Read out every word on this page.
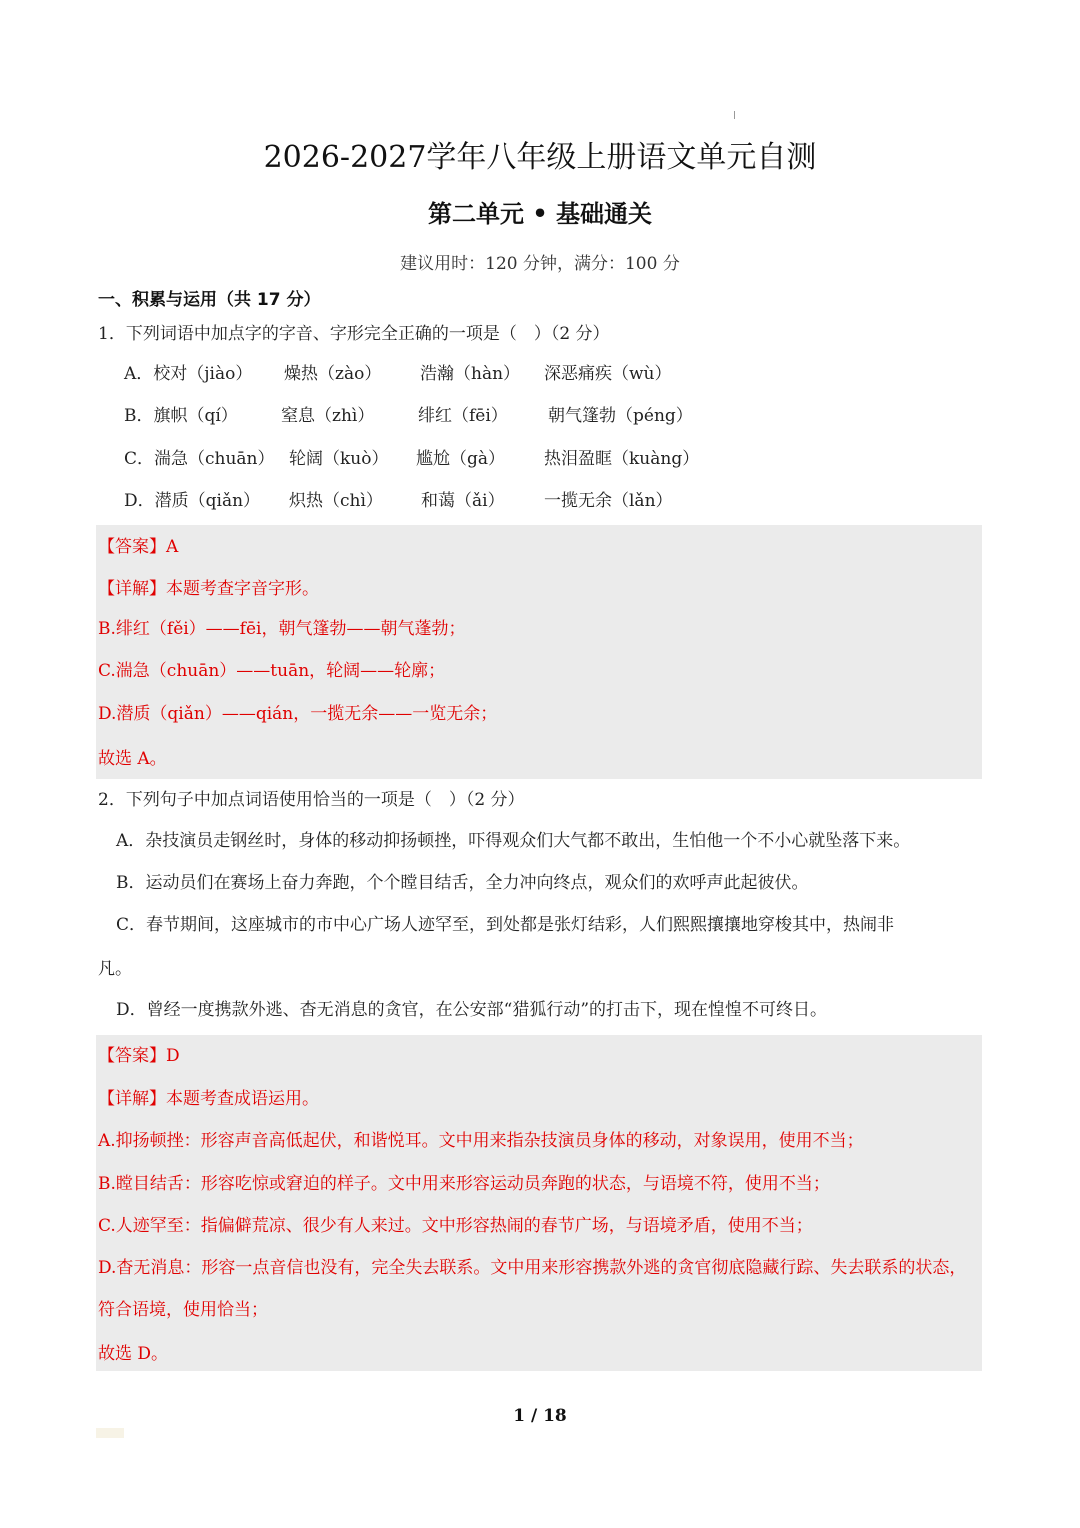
2026-2027学年八年级上册语文单元自测
第二单元 • 基础通关
建议用时：120 分钟，满分：100 分
一、积累与运用（共 17 分）
1．下列词语中加点字的字音、字形完全正确的一项是（　）（2 分）
A．校对（jiào） 燥热（zào） 浩瀚（hàn） 深恶痛疾（wù）
B．旗帜（qí）	窒息（zhì）	绯红（fēi） 朝气篷勃（péng）
C．湍急（chuān） 轮阔（kuò） 尴尬（gà） 热泪盈眶（kuàng）
D．潜质（qiǎn） 炽热（chì） 和蔼（ǎi） 一揽无余（lǎn）
【答案】A
【详解】本题考查字音字形。
B.绯红（fěi）——fēi，朝气篷勃——朝气蓬勃；
C.湍急（chuān）——tuān，轮阔——轮廓；
D.潜质（qiǎn）——qián，一揽无余——一览无余；
故选 A。
2．下列句子中加点词语使用恰当的一项是（　）（2 分）
A．杂技演员走钢丝时，身体的移动抑扬顿挫，吓得观众们大气都不敢出，生怕他一个不小心就坠落下来。
B．运动员们在赛场上奋力奔跑，个个瞠目结舌，全力冲向终点，观众们的欢呼声此起彼伏。
C．春节期间，这座城市的市中心广场人迹罕至，到处都是张灯结彩，人们熙熙攘攘地穿梭其中，热闹非
凡。
D．曾经一度携款外逃、杳无消息的贪官，在公安部“猎狐行动”的打击下，现在惶惶不可终日。
【答案】D
【详解】本题考查成语运用。
A.抑扬顿挫：形容声音高低起伏，和谐悦耳。文中用来指杂技演员身体的移动，对象误用，使用不当；
B.瞠目结舌：形容吃惊或窘迫的样子。文中用来形容运动员奔跑的状态，与语境不符，使用不当；
C.人迹罕至：指偏僻荒凉、很少有人来过。文中形容热闹的春节广场，与语境矛盾，使用不当；
D.杳无消息：形容一点音信也没有，完全失去联系。文中用来形容携款外逃的贪官彻底隐藏行踪、失去联系的状态，符合语境，使用恰当；
故选 D。
1 / 18
